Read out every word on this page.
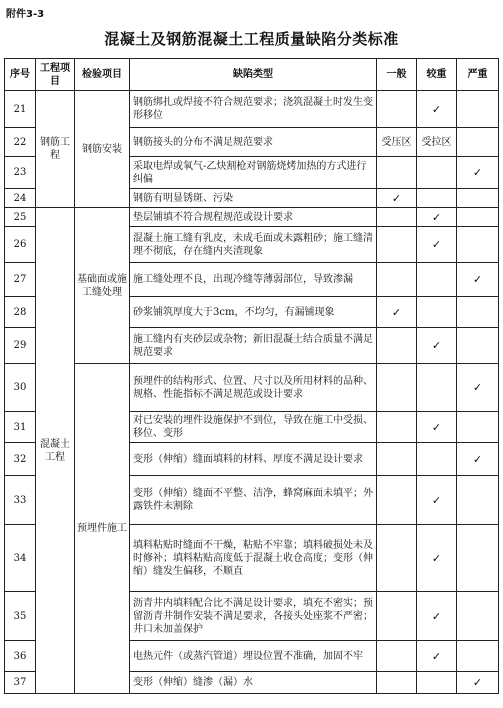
附件3-3
混凝土及钢筋混凝土工程质量缺陷分类标准
序号	工程项目	检验项目	缺陷类型	一般	较重	严重
21	钢筋工程	钢筋安装	钢筋绑扎或焊接不符合规范要求；浇筑混凝土时发生变形移位		✓	
22			钢筋接头的分布不满足规范要求	受压区	受拉区	
23			采取电焊或氧气-乙炔割枪对钢筋烧烤加热的方式进行纠偏			✓
24			钢筋有明显锈斑、污染	✓		
25	混凝土工程	基础面或施工缝处理	垫层铺填不符合规程规范或设计要求		✓	
26			混凝土施工缝有乳皮，未成毛面或未露粗砂；施工缝清理不彻底，存在缝内夹渣现象		✓	
27			施工缝处理不良，出现冷缝等薄弱部位，导致渗漏			✓
28			砂浆铺筑厚度大于3cm，不均匀，有漏铺现象	✓		
29			施工缝内有夹砂层或杂物；新旧混凝土结合质量不满足规范要求		✓	
30		预埋件施工	预埋件的结构形式、位置、尺寸以及所用材料的品种、规格、性能指标不满足规范或设计要求			✓
31			对已安装的埋件设施保护不到位，导致在施工中受损、移位、变形		✓	
32			变形（伸缩）缝面填料的材料、厚度不满足设计要求			✓
33			变形（伸缩）缝面不平整、洁净，蜂窝麻面未填平；外露铁件未割除		✓	
34			填料粘贴时缝面不干燥，粘贴不牢靠；填料破损处未及时修补；填料粘贴高度低于混凝土收仓高度；变形（伸缩）缝发生偏移，不顺直		✓	
35			沥青井内填料配合比不满足设计要求，填充不密实；预留沥青井制作安装不满足要求，各接头处座浆不严密；井口未加盖保护		✓	
36			电热元件（或蒸汽管道）埋设位置不准确，加固不牢		✓	
37			变形（伸缩）缝渗（漏）水			✓
